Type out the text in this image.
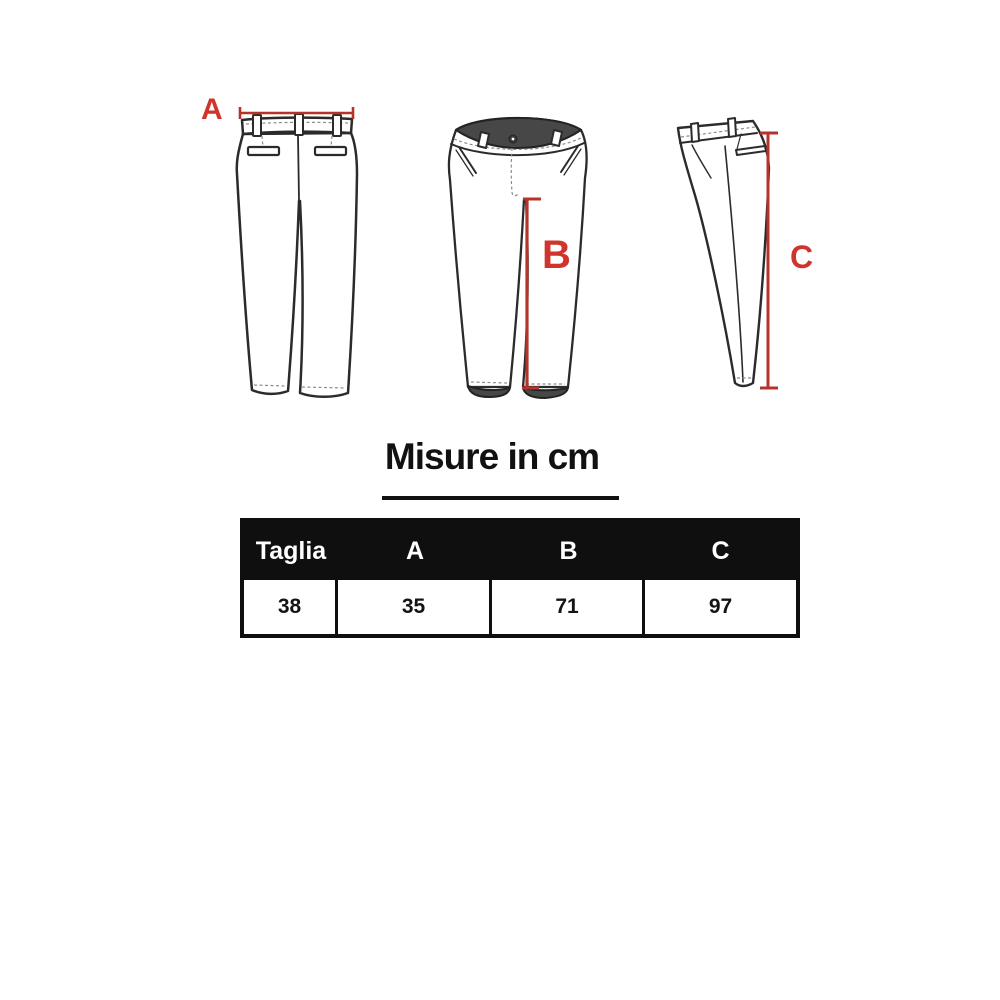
A
B	C
Misure in cm
Taglia	A	B	C
38	35	71	97
